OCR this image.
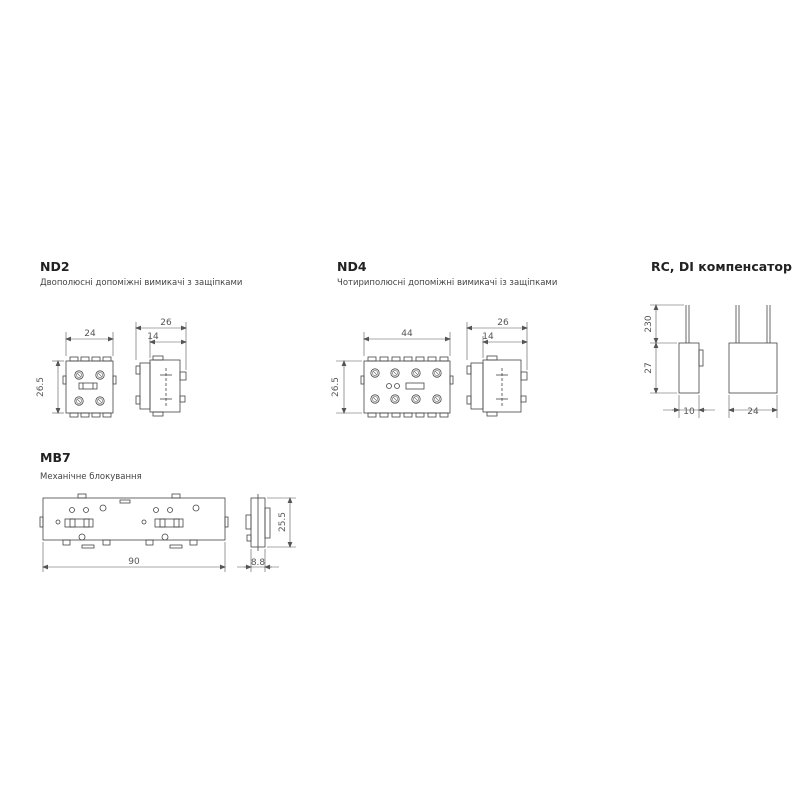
ND2

Двополюсні допоміжні вимикачі з защіпками

ND4

Чотириполюсні допоміжні вимикачі із защіпками

RC, DI компенсатор
MB7

Механічне блокування

24
26.5
26
14	44
26.5
26
14
230
27
10	24
90	8.8
25.5
